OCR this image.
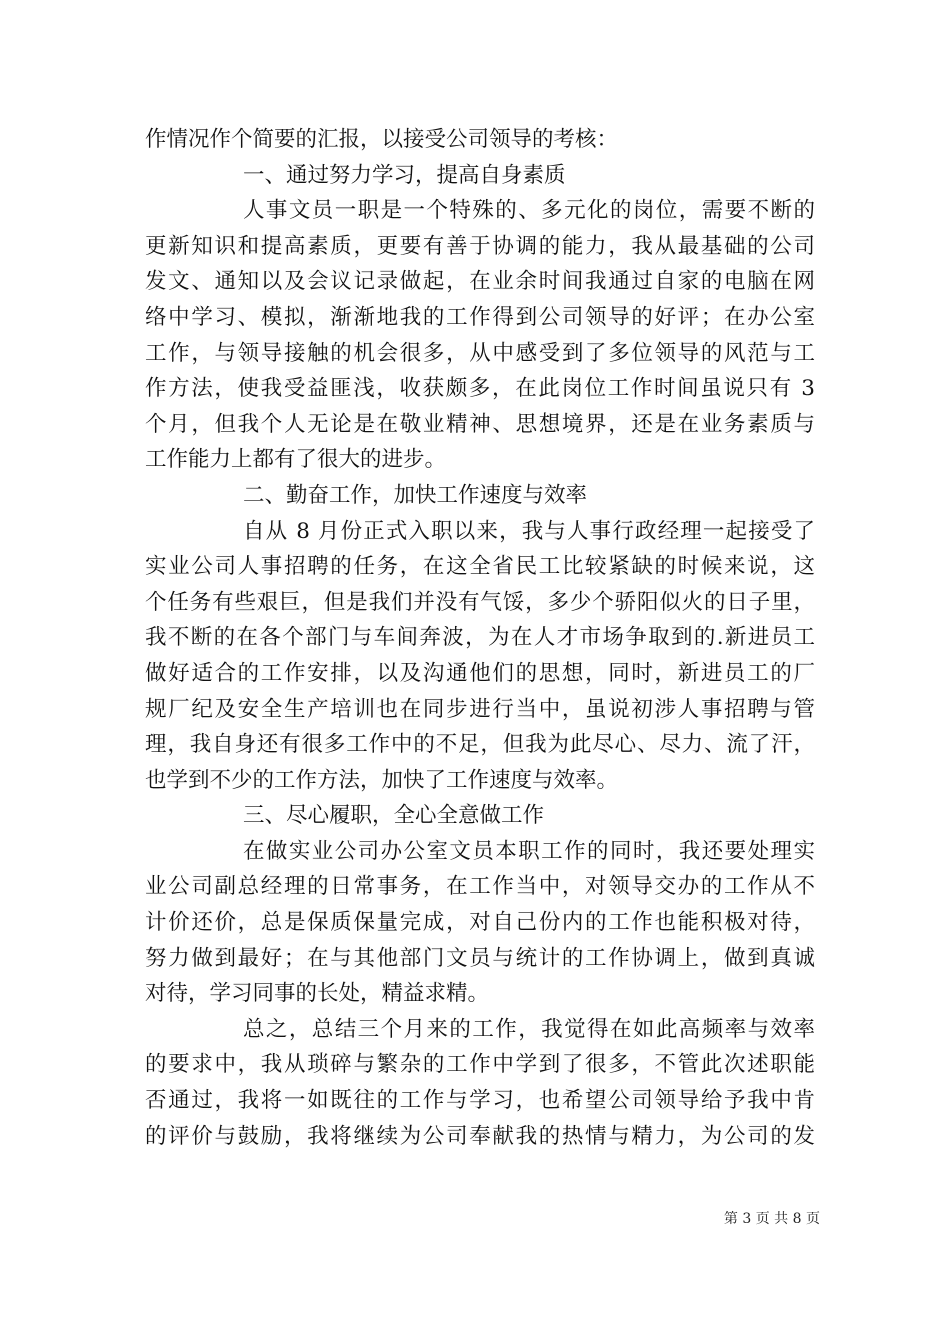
作情况作个简要的汇报，以接受公司领导的考核：
一、通过努力学习，提高自身素质
人事文员一职是一个特殊的、多元化的岗位，需要不断的
更新知识和提高素质，更要有善于协调的能力，我从最基础的公司
发文、通知以及会议记录做起，在业余时间我通过自家的电脑在网
络中学习、模拟，渐渐地我的工作得到公司领导的好评；在办公室
工作，与领导接触的机会很多，从中感受到了多位领导的风范与工
作方法，使我受益匪浅，收获颇多，在此岗位工作时间虽说只有 3
个月，但我个人无论是在敬业精神、思想境界，还是在业务素质与
工作能力上都有了很大的进步。
二、勤奋工作，加快工作速度与效率
自从 8 月份正式入职以来，我与人事行政经理一起接受了
实业公司人事招聘的任务，在这全省民工比较紧缺的时候来说，这
个任务有些艰巨，但是我们并没有气馁，多少个骄阳似火的日子里，
我不断的在各个部门与车间奔波，为在人才市场争取到的.新进员工
做好适合的工作安排，以及沟通他们的思想，同时，新进员工的厂
规厂纪及安全生产培训也在同步进行当中，虽说初涉人事招聘与管
理，我自身还有很多工作中的不足，但我为此尽心、尽力、流了汗，
也学到不少的工作方法，加快了工作速度与效率。
三、尽心履职，全心全意做工作
在做实业公司办公室文员本职工作的同时，我还要处理实
业公司副总经理的日常事务，在工作当中，对领导交办的工作从不
计价还价，总是保质保量完成，对自己份内的工作也能积极对待，
努力做到最好；在与其他部门文员与统计的工作协调上，做到真诚
对待，学习同事的长处，精益求精。
总之，总结三个月来的工作，我觉得在如此高频率与效率
的要求中，我从琐碎与繁杂的工作中学到了很多，不管此次述职能
否通过，我将一如既往的工作与学习，也希望公司领导给予我中肯
的评价与鼓励，我将继续为公司奉献我的热情与精力，为公司的发
第 3 页 共 8 页
